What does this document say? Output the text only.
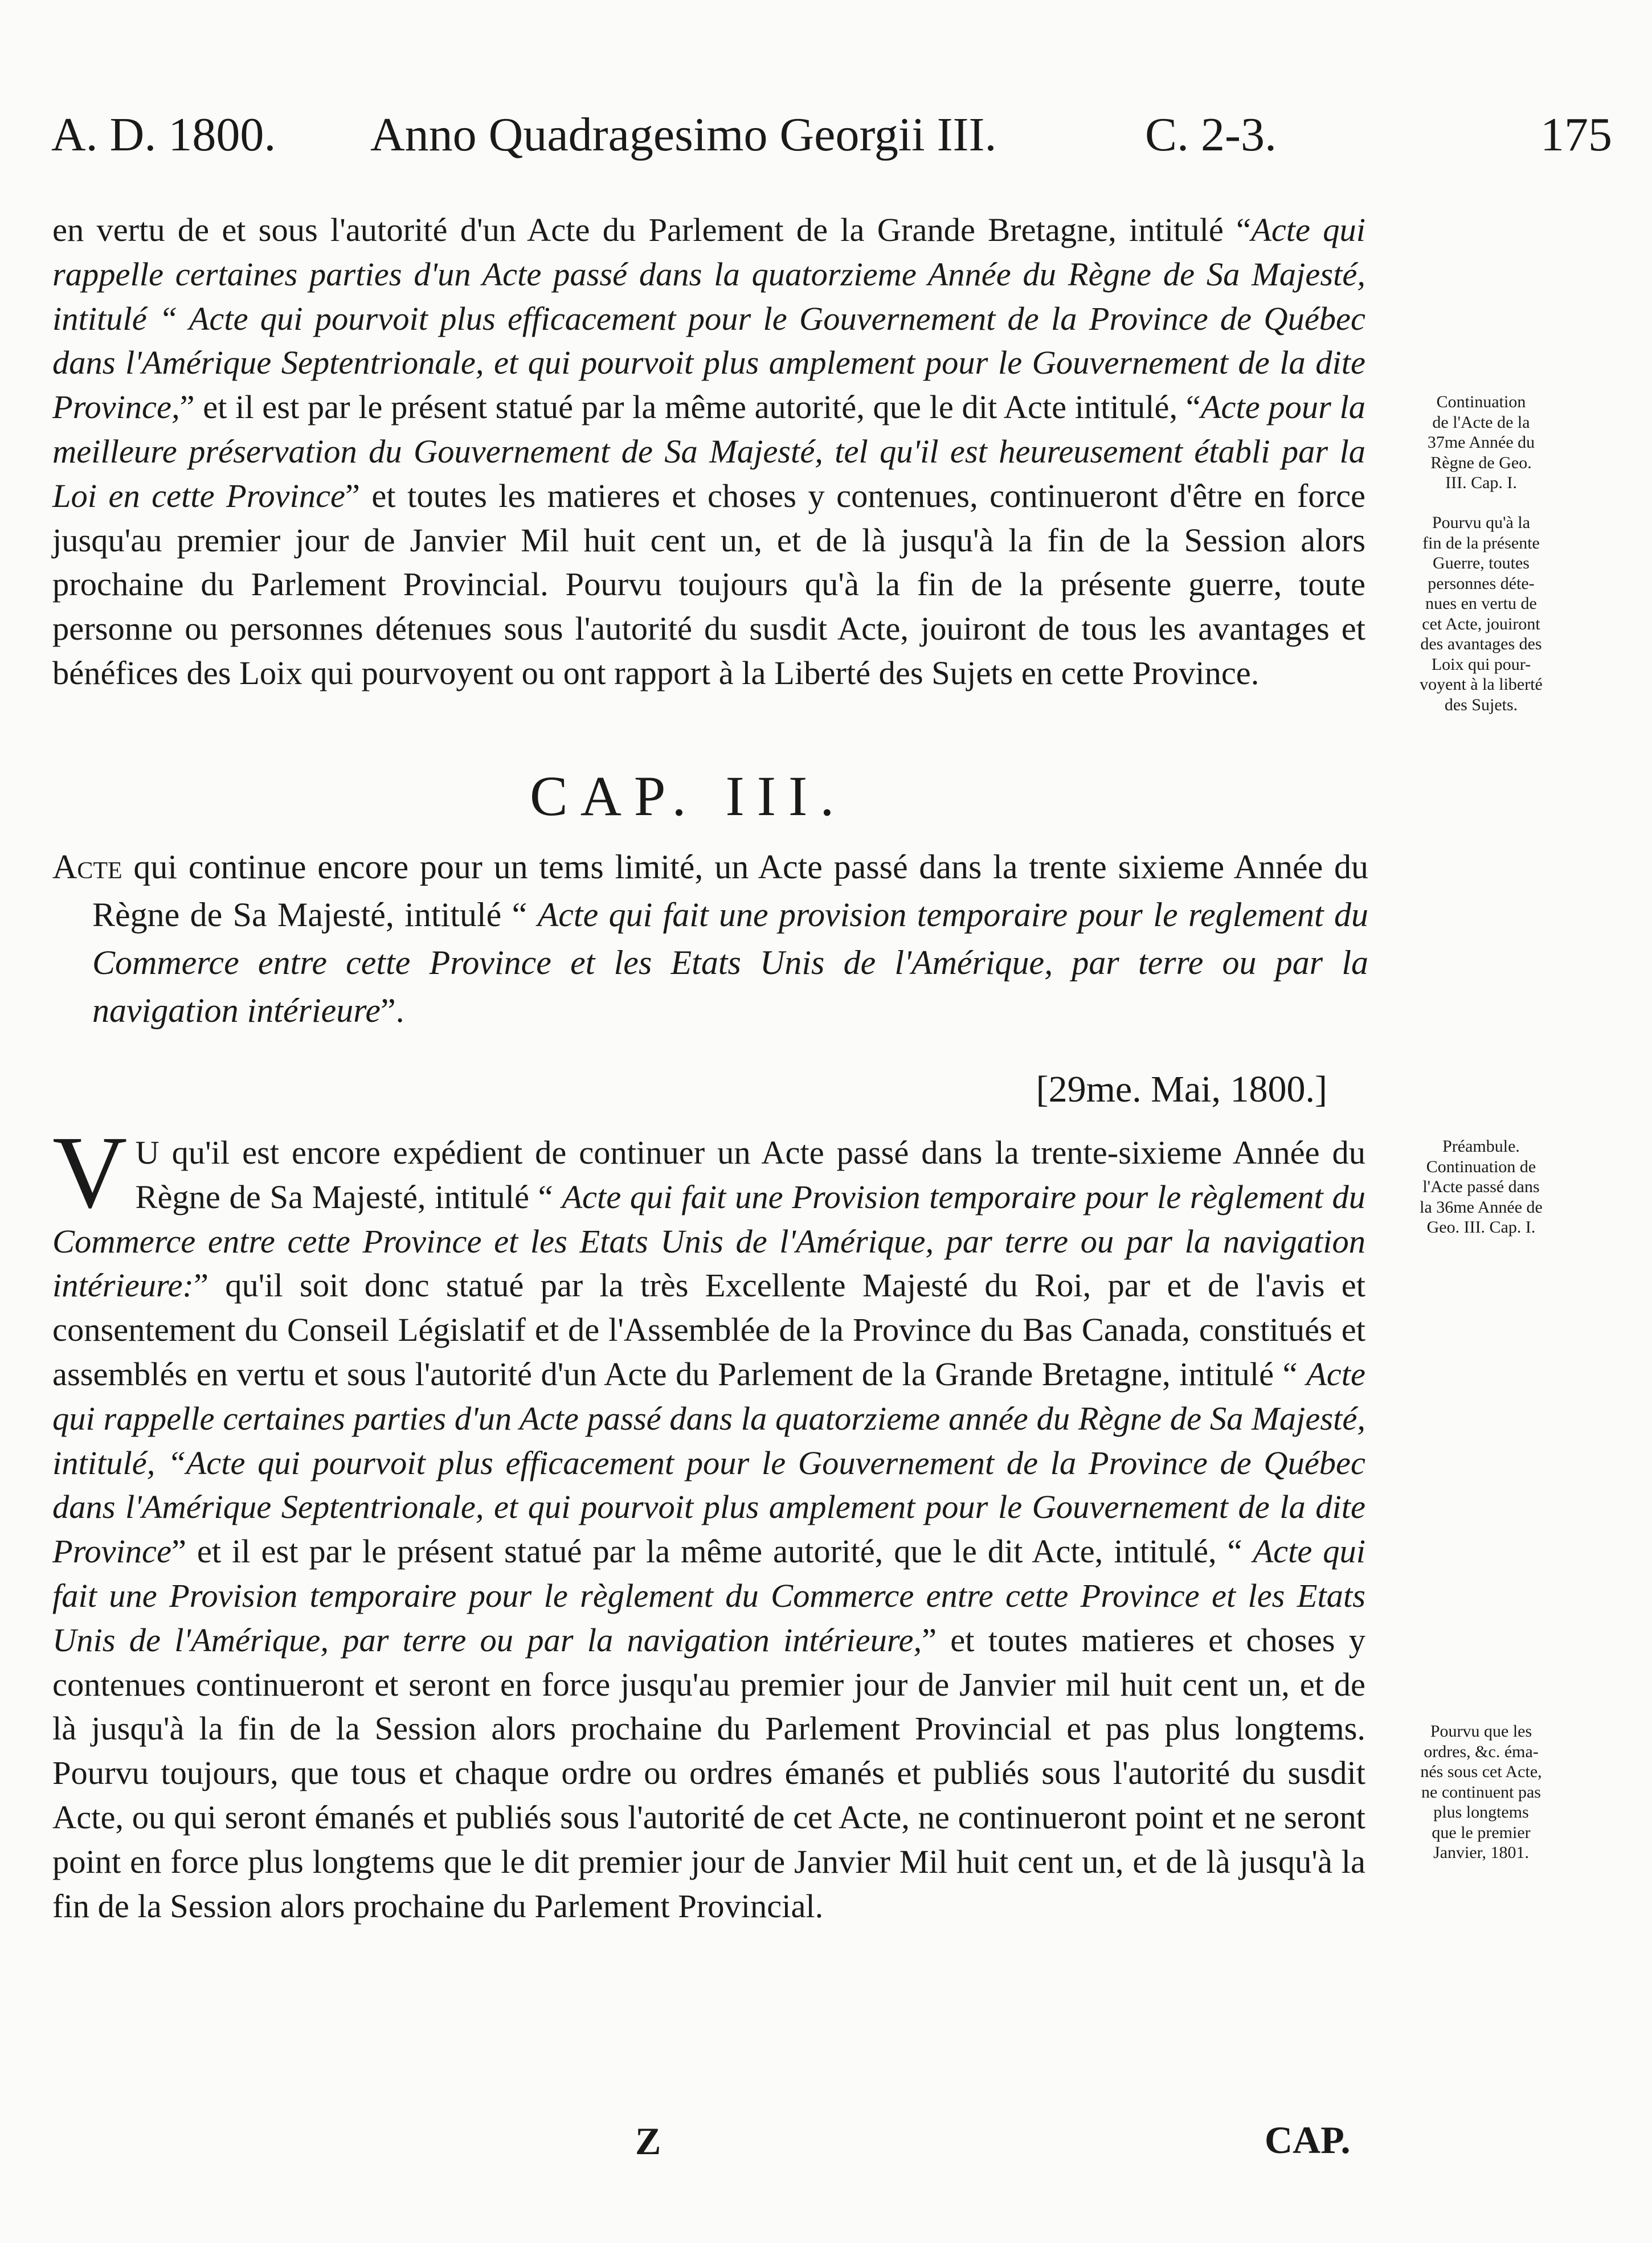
A. D. 1800. Anno Quadragesimo Georgii III.	C. 2-3.	175

en vertu de et sous l'autorité d'un Acte du Parlement de la Grande Bretagne, intitulé “Acte qui rappelle certaines parties d'un Acte passé dans la quatorzieme Année du Règne de Sa Majesté, intitulé “ Acte qui pourvoit plus efficacement pour le Gouvernement de la Province de Québec dans l'Amérique Septentrionale, et qui pourvoit plus amplement pour le Gouvernement de la dite Province,” et il est par le présent statué par la même autorité, que le dit Acte intitulé, “Acte pour la meilleure préservation du Gouvernement de Sa Majesté, tel qu'il est heureusement établi par la Loi en cette Province” et toutes les matieres et choses y contenues, continueront d'être en force jusqu'au premier jour de Janvier Mil huit cent un, et de là jusqu'à la fin de la Session alors prochaine du Parlement Provincial. Pourvu toujours qu'à la fin de la présente guerre, toute personne ou personnes détenues sous l'autorité du susdit Acte, jouiront de tous les avantages et bénéfices des Loix qui pourvoyent ou ont rapport à la Liberté des Sujets en cette Province.

CAP. III.
Acte qui continue encore pour un tems limité, un Acte passé dans la trente sixieme Année du Règne de Sa Majesté, intitulé “ Acte qui fait une provision temporaire pour le reglement du Commerce entre cette Province et les Etats Unis de l'Amérique, par terre ou par la navigation intérieure”.
[29me. Mai, 1800.]

V U qu'il est encore expédient de continuer un Acte passé dans la trente-sixieme Année du Règne de Sa Majesté, intitulé “ Acte qui fait une Provision temporaire pour le règlement du Commerce entre cette Province et les Etats Unis de l'Amérique, par terre ou par la navigation intérieure:” qu'il soit donc statué par la très Excellente Majesté du Roi, par et de l'avis et consentement du Conseil Législatif et de l'Assemblée de la Province du Bas Canada, constitués et assemblés en vertu et sous l'autorité d'un Acte du Parlement de la Grande Bretagne, intitulé “ Acte qui rappelle certaines parties d'un Acte passé dans la quatorzieme année du Règne de Sa Majesté, intitulé, “Acte qui pourvoit plus efficacement pour le Gouvernement de la Province de Québec dans l'Amérique Septentrionale, et qui pourvoit plus amplement pour le Gouvernement de la dite Province” et il est par le présent statué par la même autorité, que le dit Acte, intitulé, “ Acte qui fait une Provision temporaire pour le règlement du Commerce entre cette Province et les Etats Unis de l'Amérique, par terre ou par la navigation intérieure,” et toutes matieres et choses y contenues continueront et seront en force jusqu'au premier jour de Janvier mil huit cent un, et de là jusqu'à la fin de la Session alors prochaine du Parlement Provincial et pas plus longtems. Pourvu toujours, que tous et chaque ordre ou ordres émanés et publiés sous l'autorité du susdit Acte, ou qui seront émanés et publiés sous l'autorité de cet Acte, ne continueront point et ne seront point en force plus longtems que le dit premier jour de Janvier Mil huit cent un, et de là jusqu'à la fin de la Session alors prochaine du Parlement Provincial.

Continuation

de l'Acte de la

37me Année du

Règne de Geo.

III. Cap. I.

Pourvu qu'à la

fin de la présente

Guerre, toutes

personnes déte-

nues en vertu de

cet Acte, jouiront

des avantages des

Loix qui pour-

voyent à la liberté

des Sujets.

Préambule.

Continuation de

l'Acte passé dans

la 36me Année de

Geo. III. Cap. I.

Pourvu que les

ordres, &c. éma-

nés sous cet Acte,

ne continuent pas

plus longtems

que le premier

Janvier, 1801.

Z	CAP.
